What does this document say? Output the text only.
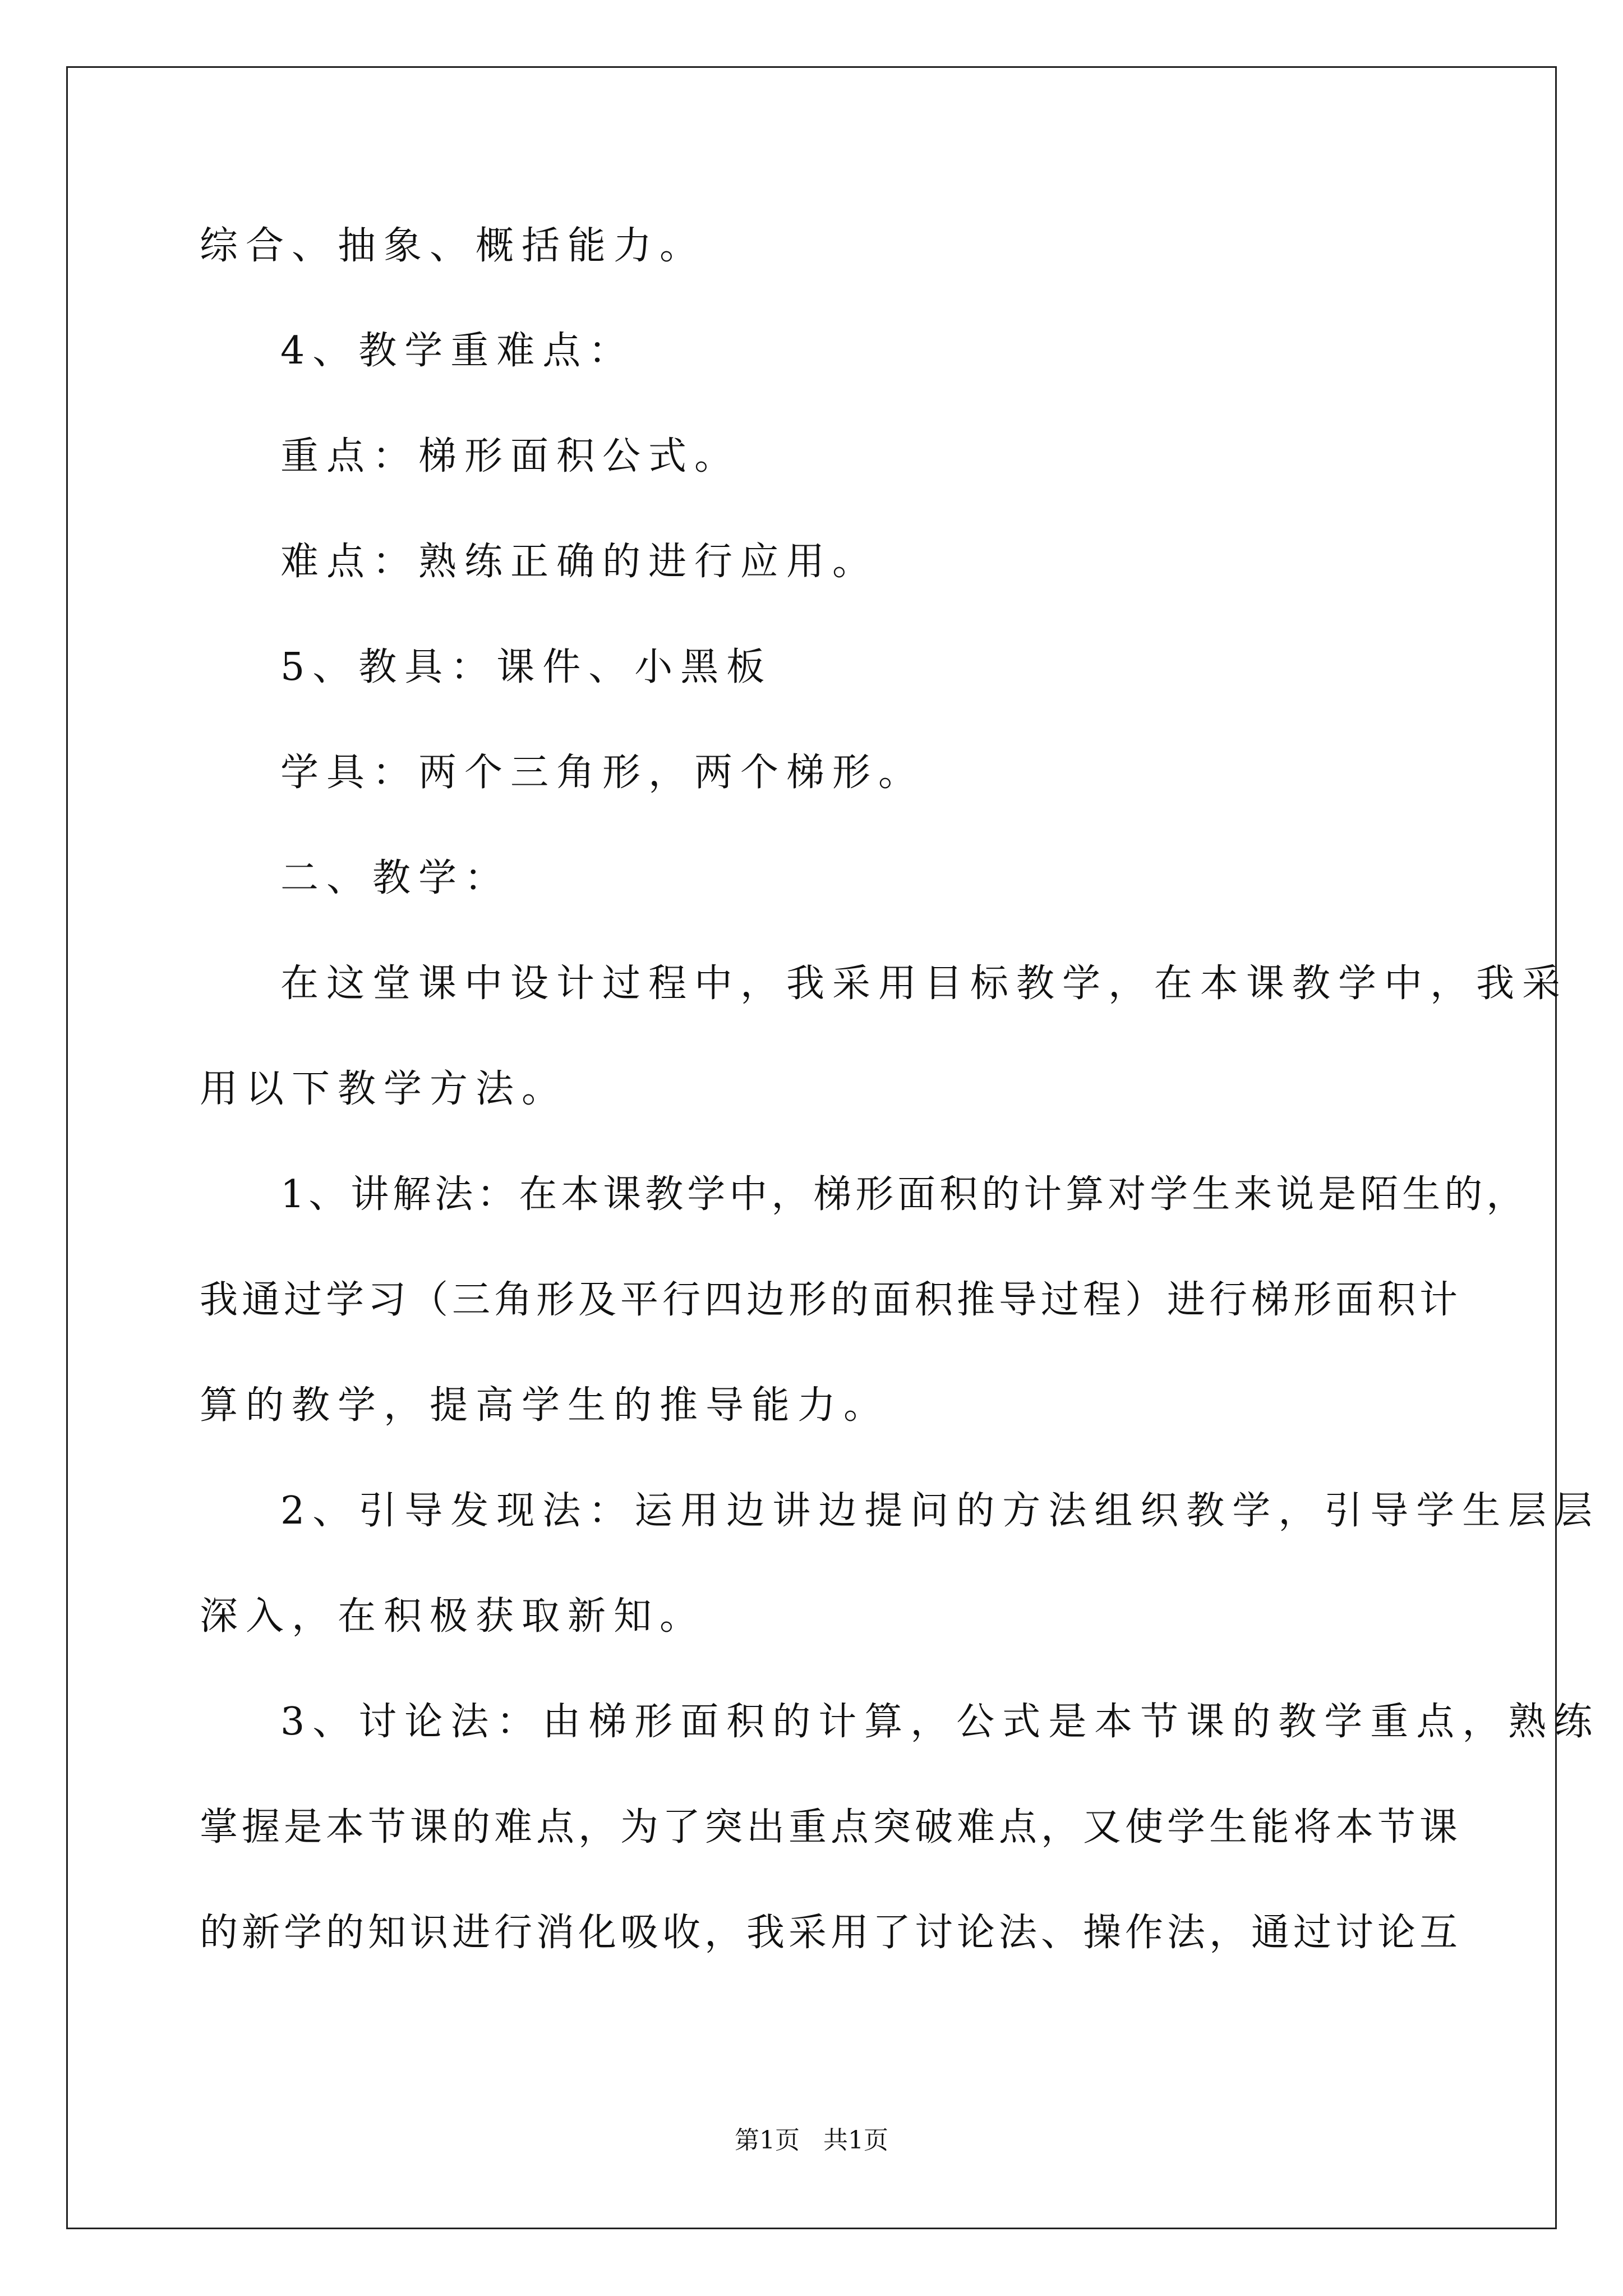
综合、抽象、概括能力。
4、教学重难点：
重点：梯形面积公式。
难点：熟练正确的进行应用。
5、教具：课件、小黑板
学具：两个三角形，两个梯形。
二、教学：
在这堂课中设计过程中，我采用目标教学，在本课教学中，我采
用以下教学方法。
1、讲解法：在本课教学中，梯形面积的计算对学生来说是陌生的，
我通过学习（三角形及平行四边形的面积推导过程）进行梯形面积计
算的教学，提高学生的推导能力。
2、引导发现法：运用边讲边提问的方法组织教学，引导学生层层
深入，在积极获取新知。
3、讨论法：由梯形面积的计算，公式是本节课的教学重点，熟练
掌握是本节课的难点，为了突出重点突破难点，又使学生能将本节课
的新学的知识进行消化吸收，我采用了讨论法、操作法，通过讨论互
第1页   共1页
